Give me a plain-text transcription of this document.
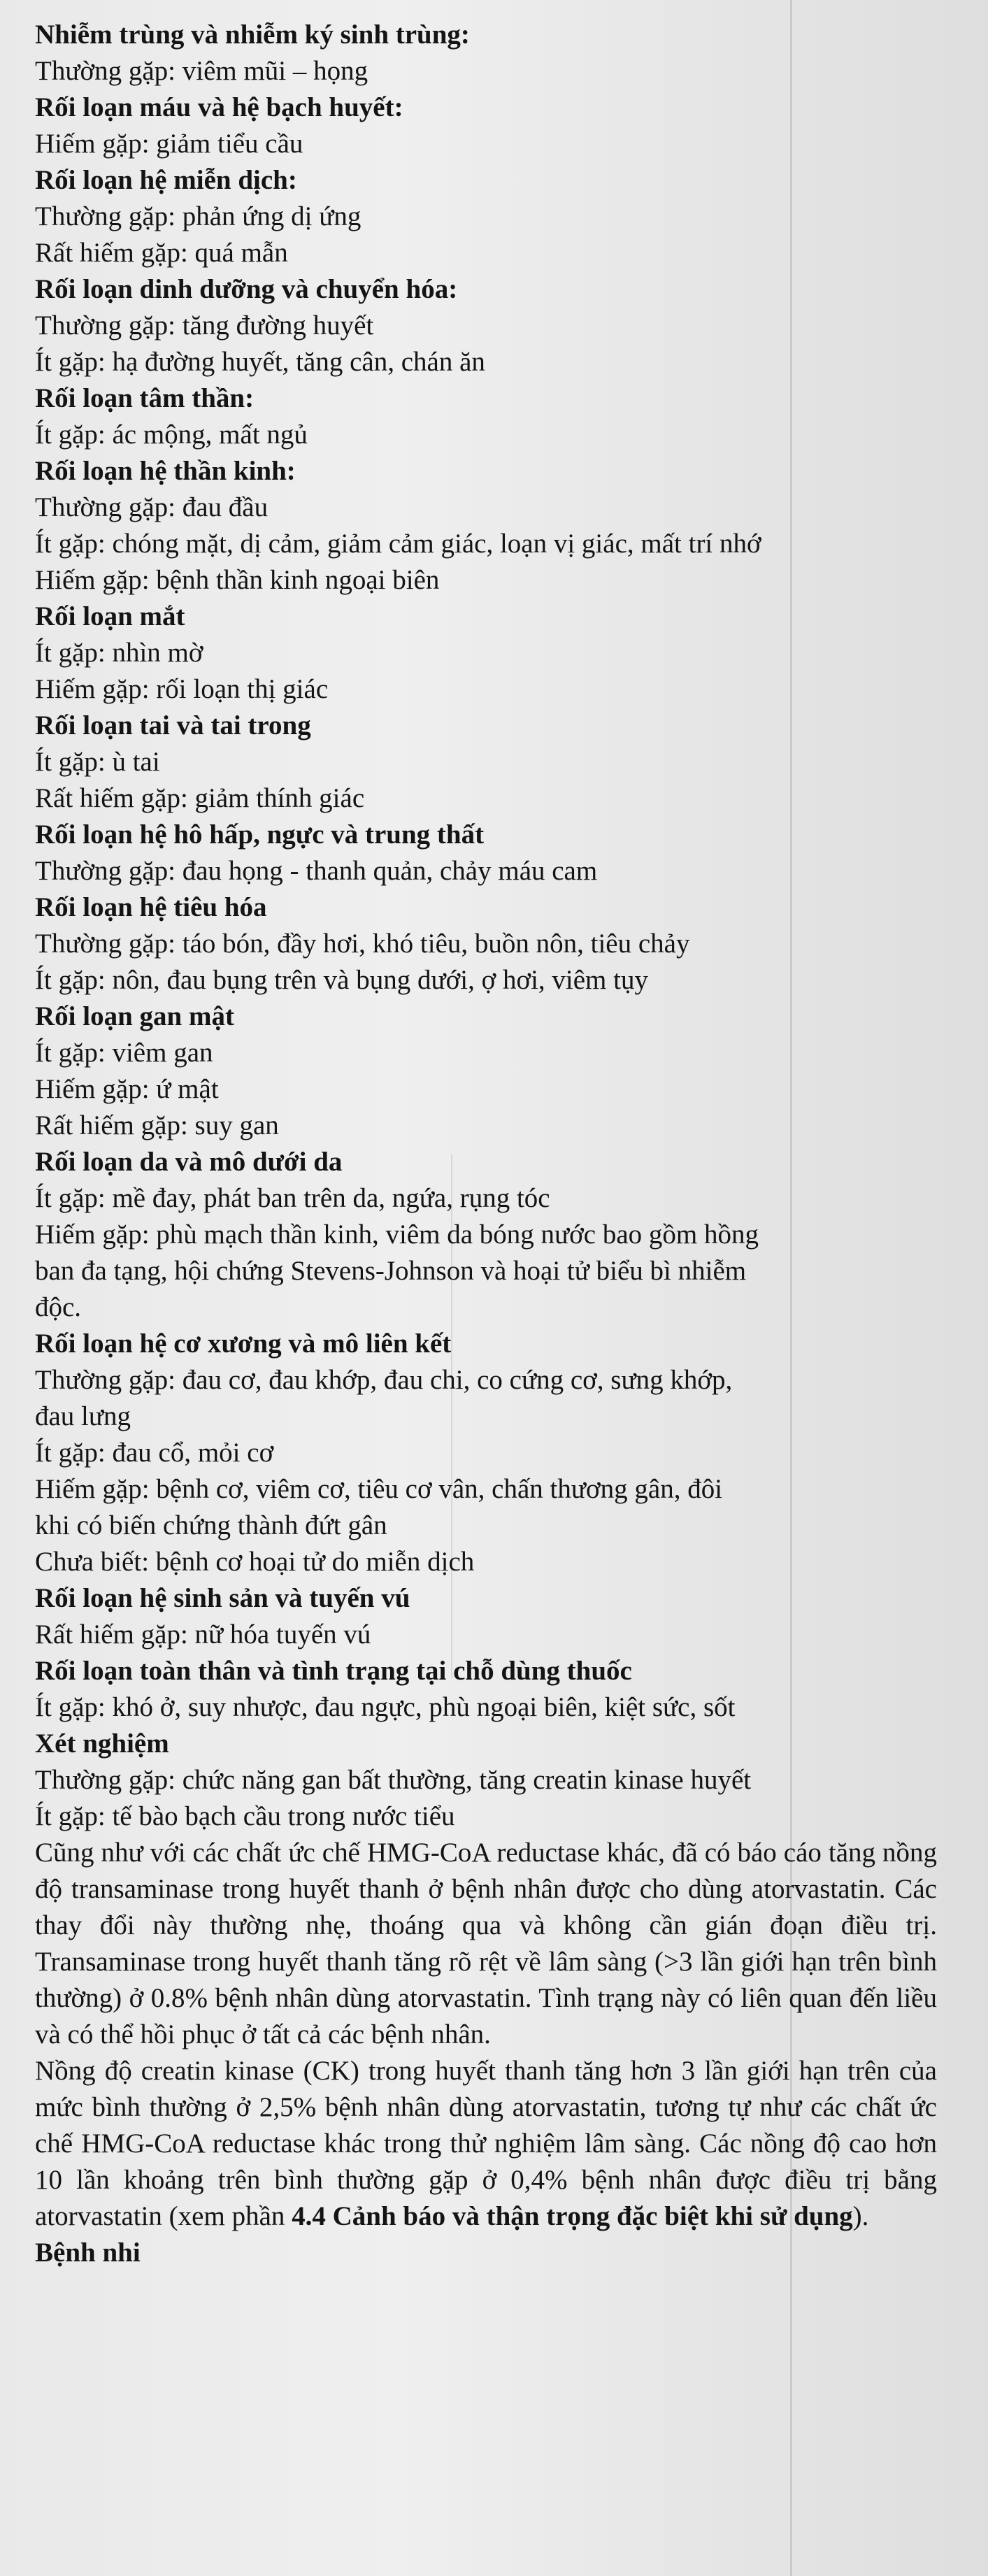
Nhiễm trùng và nhiễm ký sinh trùng:
Thường gặp: viêm mũi – họng
Rối loạn máu và hệ bạch huyết:
Hiếm gặp: giảm tiểu cầu
Rối loạn hệ miễn dịch:
Thường gặp: phản ứng dị ứng
Rất hiếm gặp: quá mẫn
Rối loạn dinh dưỡng và chuyển hóa:
Thường gặp: tăng đường huyết
Ít gặp: hạ đường huyết, tăng cân, chán ăn
Rối loạn tâm thần:
Ít gặp: ác mộng, mất ngủ
Rối loạn hệ thần kinh:
Thường gặp: đau đầu
Ít gặp: chóng mặt, dị cảm, giảm cảm giác, loạn vị giác, mất trí nhớ
Hiếm gặp: bệnh thần kinh ngoại biên
Rối loạn mắt
Ít gặp: nhìn mờ
Hiếm gặp: rối loạn thị giác
Rối loạn tai và tai trong
Ít gặp: ù tai
Rất hiếm gặp: giảm thính giác
Rối loạn hệ hô hấp, ngực và trung thất
Thường gặp: đau họng - thanh quản, chảy máu cam
Rối loạn hệ tiêu hóa
Thường gặp: táo bón, đầy hơi, khó tiêu, buồn nôn, tiêu chảy
Ít gặp: nôn, đau bụng trên và bụng dưới, ợ hơi, viêm tụy
Rối loạn gan mật
Ít gặp: viêm gan
Hiếm gặp: ứ mật
Rất hiếm gặp: suy gan
Rối loạn da và mô dưới da
Ít gặp: mề đay, phát ban trên da, ngứa, rụng tóc
Hiếm gặp: phù mạch thần kinh, viêm da bóng nước bao gồm hồng
ban đa tạng, hội chứng Stevens-Johnson và hoại tử biểu bì nhiễm
độc.
Rối loạn hệ cơ xương và mô liên kết
Thường gặp: đau cơ, đau khớp, đau chi, co cứng cơ, sưng khớp,
đau lưng
Ít gặp: đau cổ, mỏi cơ
Hiếm gặp: bệnh cơ, viêm cơ, tiêu cơ vân, chấn thương gân, đôi
khi có biến chứng thành đứt gân
Chưa biết: bệnh cơ hoại tử do miễn dịch
Rối loạn hệ sinh sản và tuyến vú
Rất hiếm gặp: nữ hóa tuyến vú
Rối loạn toàn thân và tình trạng tại chỗ dùng thuốc
Ít gặp: khó ở, suy nhược, đau ngực, phù ngoại biên, kiệt sức, sốt
Xét nghiệm
Thường gặp: chức năng gan bất thường, tăng creatin kinase huyết
Ít gặp: tế bào bạch cầu trong nước tiểu

Cũng như với các chất ức chế HMG-CoA reductase khác, đã có báo cáo tăng nồng độ transaminase trong huyết thanh ở bệnh nhân được cho dùng atorvastatin. Các thay đổi này thường nhẹ, thoáng qua và không cần gián đoạn điều trị. Transaminase trong huyết thanh tăng rõ rệt về lâm sàng (>3 lần giới hạn trên bình thường) ở 0.8% bệnh nhân dùng atorvastatin. Tình trạng này có liên quan đến liều và có thể hồi phục ở tất cả các bệnh nhân.

Nồng độ creatin kinase (CK) trong huyết thanh tăng hơn 3 lần giới hạn trên của mức bình thường ở 2,5% bệnh nhân dùng atorvastatin, tương tự như các chất ức chế HMG-CoA reductase khác trong thử nghiệm lâm sàng. Các nồng độ cao hơn 10 lần khoảng trên bình thường gặp ở 0,4% bệnh nhân được điều trị bằng atorvastatin (xem phần 4.4 Cảnh báo và thận trọng đặc biệt khi sử dụng).

Bệnh nhi
